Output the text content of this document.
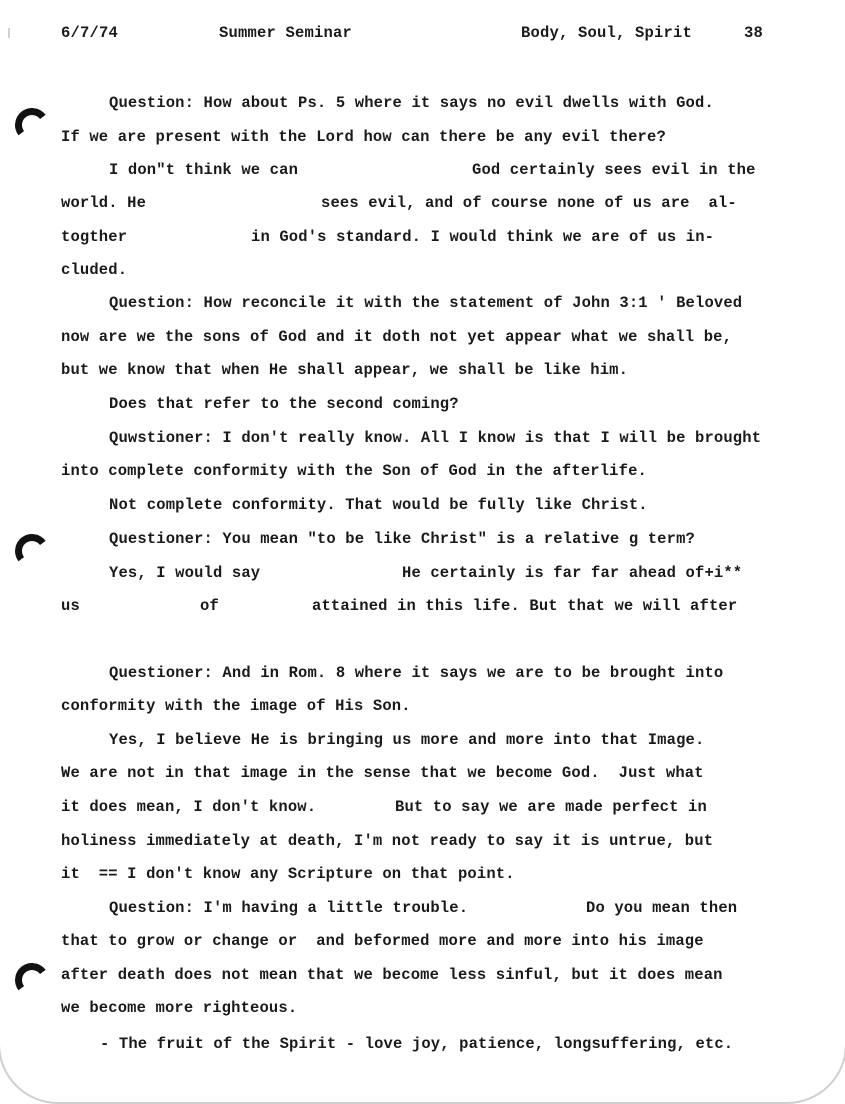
6/7/74	Summer Seminar	Body, Soul, Spirit	38

Question: How about Ps. 5 where it says no evil dwells with God.

If we are present with the Lord how can there be any evil there?

I don"t think we can

	God certainly sees evil in the

world. He

	sees evil, and of course none of us are  al-

togther

	in God's standard. I would think we are of us in-

cluded.

Question: How reconcile it with the statement of John 3:1 ' Beloved

now are we the sons of God and it doth not yet appear what we shall be,

but we know that when He shall appear, we shall be like him.

Does that refer to the second coming?

Quwstioner: I don't really know. All I know is that I will be brought

into complete conformity with the Son of God in the afterlife.

Not complete conformity. That would be fully like Christ.

Questioner: You mean "to be like Christ" is a relative g term?

Yes, I would say

	He certainly is far far ahead of+i**

us

	of

	attained in this life. But that we will after

Questioner: And in Rom. 8 where it says we are to be brought into

conformity with the image of His Son.

Yes, I believe He is bringing us more and more into that Image.

We are not in that image in the sense that we become God.  Just what

it does mean, I don't know.

	But to say we are made perfect in

holiness immediately at death, I'm not ready to say it is untrue, but

it  == I don't know any Scripture on that point.

Question: I'm having a little trouble.

	Do you mean then

that to grow or change or  and beformed more and more into his image

after death does not mean that we become less sinful, but it does mean

we become more righteous.

- The fruit of the Spirit - love joy, patience, longsuffering, etc.
